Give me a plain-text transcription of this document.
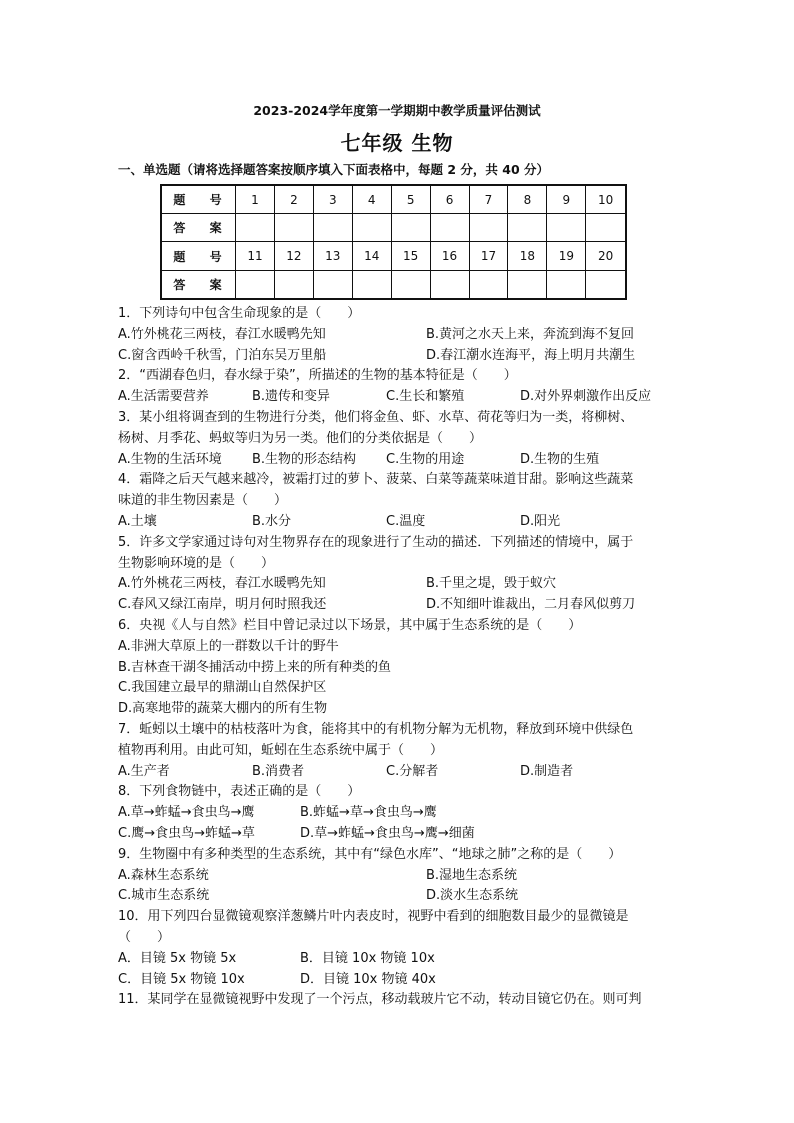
2023-2024学年度第一学期期中教学质量评估测试
七年级 生物
一、单选题（请将选择题答案按顺序填入下面表格中，每题 2 分，共 40 分）
题 号	1	2	3	4	5	6	7	8	9	10
答 案										
题 号	11	12	13	14	15	16	17	18	19	20
答 案										
1．下列诗句中包含生命现象的是（　　）
A.竹外桃花三两枝，春江水暖鸭先知	B.黄河之水天上来，奔流到海不复回
C.窗含西岭千秋雪，门泊东吴万里船	D.春江潮水连海平，海上明月共潮生
2．“西湖春色归，春水绿于染”，所描述的生物的基本特征是（　　）
A.生活需要营养	B.遗传和变异	C.生长和繁殖	D.对外界刺激作出反应
3．某小组将调查到的生物进行分类，他们将金鱼、虾、水草、荷花等归为一类，将柳树、
杨树、月季花、蚂蚁等归为另一类。他们的分类依据是（　　）
A.生物的生活环境	B.生物的形态结构	C.生物的用途	D.生物的生殖
4．霜降之后天气越来越冷，被霜打过的萝卜、菠菜、白菜等蔬菜味道甘甜。影响这些蔬菜
味道的非生物因素是（　　）
A.土壤	B.水分	C.温度	D.阳光
5．许多文学家通过诗句对生物界存在的现象进行了生动的描述．下列描述的情境中，属于
生物影响环境的是（　　）
A.竹外桃花三两枝，春江水暖鸭先知	B.千里之堤，毁于蚁穴
C.春风又绿江南岸，明月何时照我还	D.不知细叶谁裁出，二月春风似剪刀
6．央视《人与自然》栏目中曾记录过以下场景，其中属于生态系统的是（　　）
A.非洲大草原上的一群数以千计的野牛
B.吉林查干湖冬捕活动中捞上来的所有种类的鱼
C.我国建立最早的鼎湖山自然保护区
D.高寒地带的蔬菜大棚内的所有生物
7．蚯蚓以土壤中的枯枝落叶为食，能将其中的有机物分解为无机物，释放到环境中供绿色
植物再利用。由此可知，蚯蚓在生态系统中属于（　　）
A.生产者	B.消费者	C.分解者	D.制造者
8．下列食物链中，表述正确的是（　　）
A.草→蚱蜢→食虫鸟→鹰	B.蚱蜢→草→食虫鸟→鹰
C.鹰→食虫鸟→蚱蜢→草	D.草→蚱蜢→食虫鸟→鹰→细菌
9．生物圈中有多种类型的生态系统，其中有“绿色水库”、“地球之肺”之称的是（　　）
A.森林生态系统	B.湿地生态系统
C.城市生态系统	D.淡水生态系统
10．用下列四台显微镜观察洋葱鳞片叶内表皮时，视野中看到的细胞数目最少的显微镜是
（　　）
A．目镜 5x 物镜 5x	B．目镜 10x 物镜 10x
C．目镜 5x 物镜 10x	D．目镜 10x 物镜 40x
11．某同学在显微镜视野中发现了一个污点，移动载玻片它不动，转动目镜它仍在。则可判
